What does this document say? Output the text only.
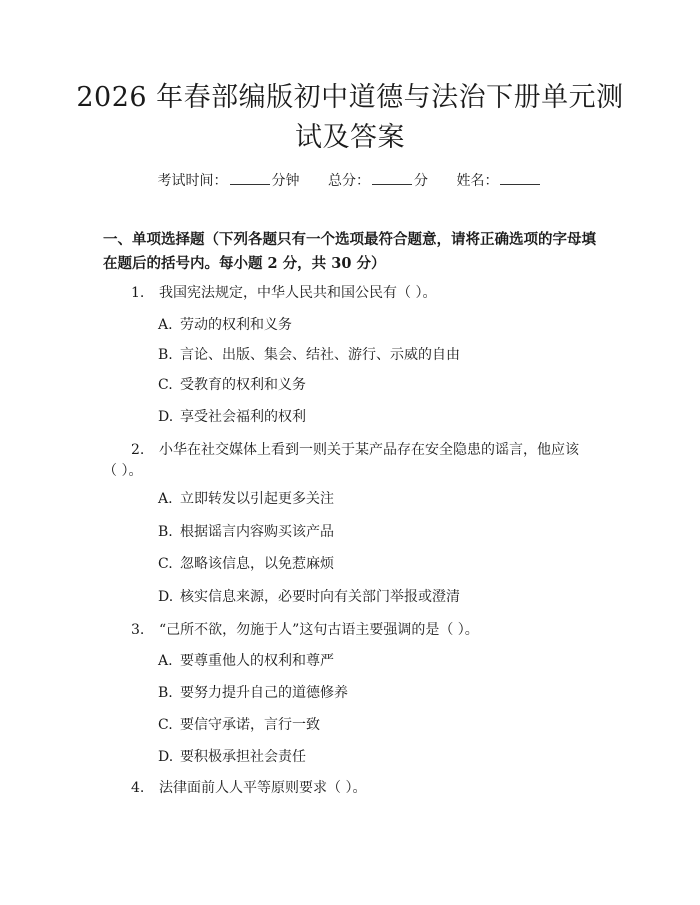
2026 年春部编版初中道德与法治下册单元测
试及答案
考试时间：	分钟 总分：	分 姓名：

一、单项选择题（下列各题只有一个选项最符合题意，请将正确选项的字母填在题后的括号内。每小题 2 分，共 30 分）

1. 我国宪法规定，中华人民共和国公民有（ ）。
A. 劳动的权利和义务
B. 言论、出版、集会、结社、游行、示威的自由
C. 受教育的权利和义务
D. 享受社会福利的权利
2. 小华在社交媒体上看到一则关于某产品存在安全隐患的谣言，他应该
（ ）。
A. 立即转发以引起更多关注
B. 根据谣言内容购买该产品
C. 忽略该信息，以免惹麻烦
D. 核实信息来源，必要时向有关部门举报或澄清
3. “己所不欲，勿施于人”这句古语主要强调的是（ ）。
A. 要尊重他人的权利和尊严
B. 要努力提升自己的道德修养
C. 要信守承诺，言行一致
D. 要积极承担社会责任
4. 法律面前人人平等原则要求（ ）。
